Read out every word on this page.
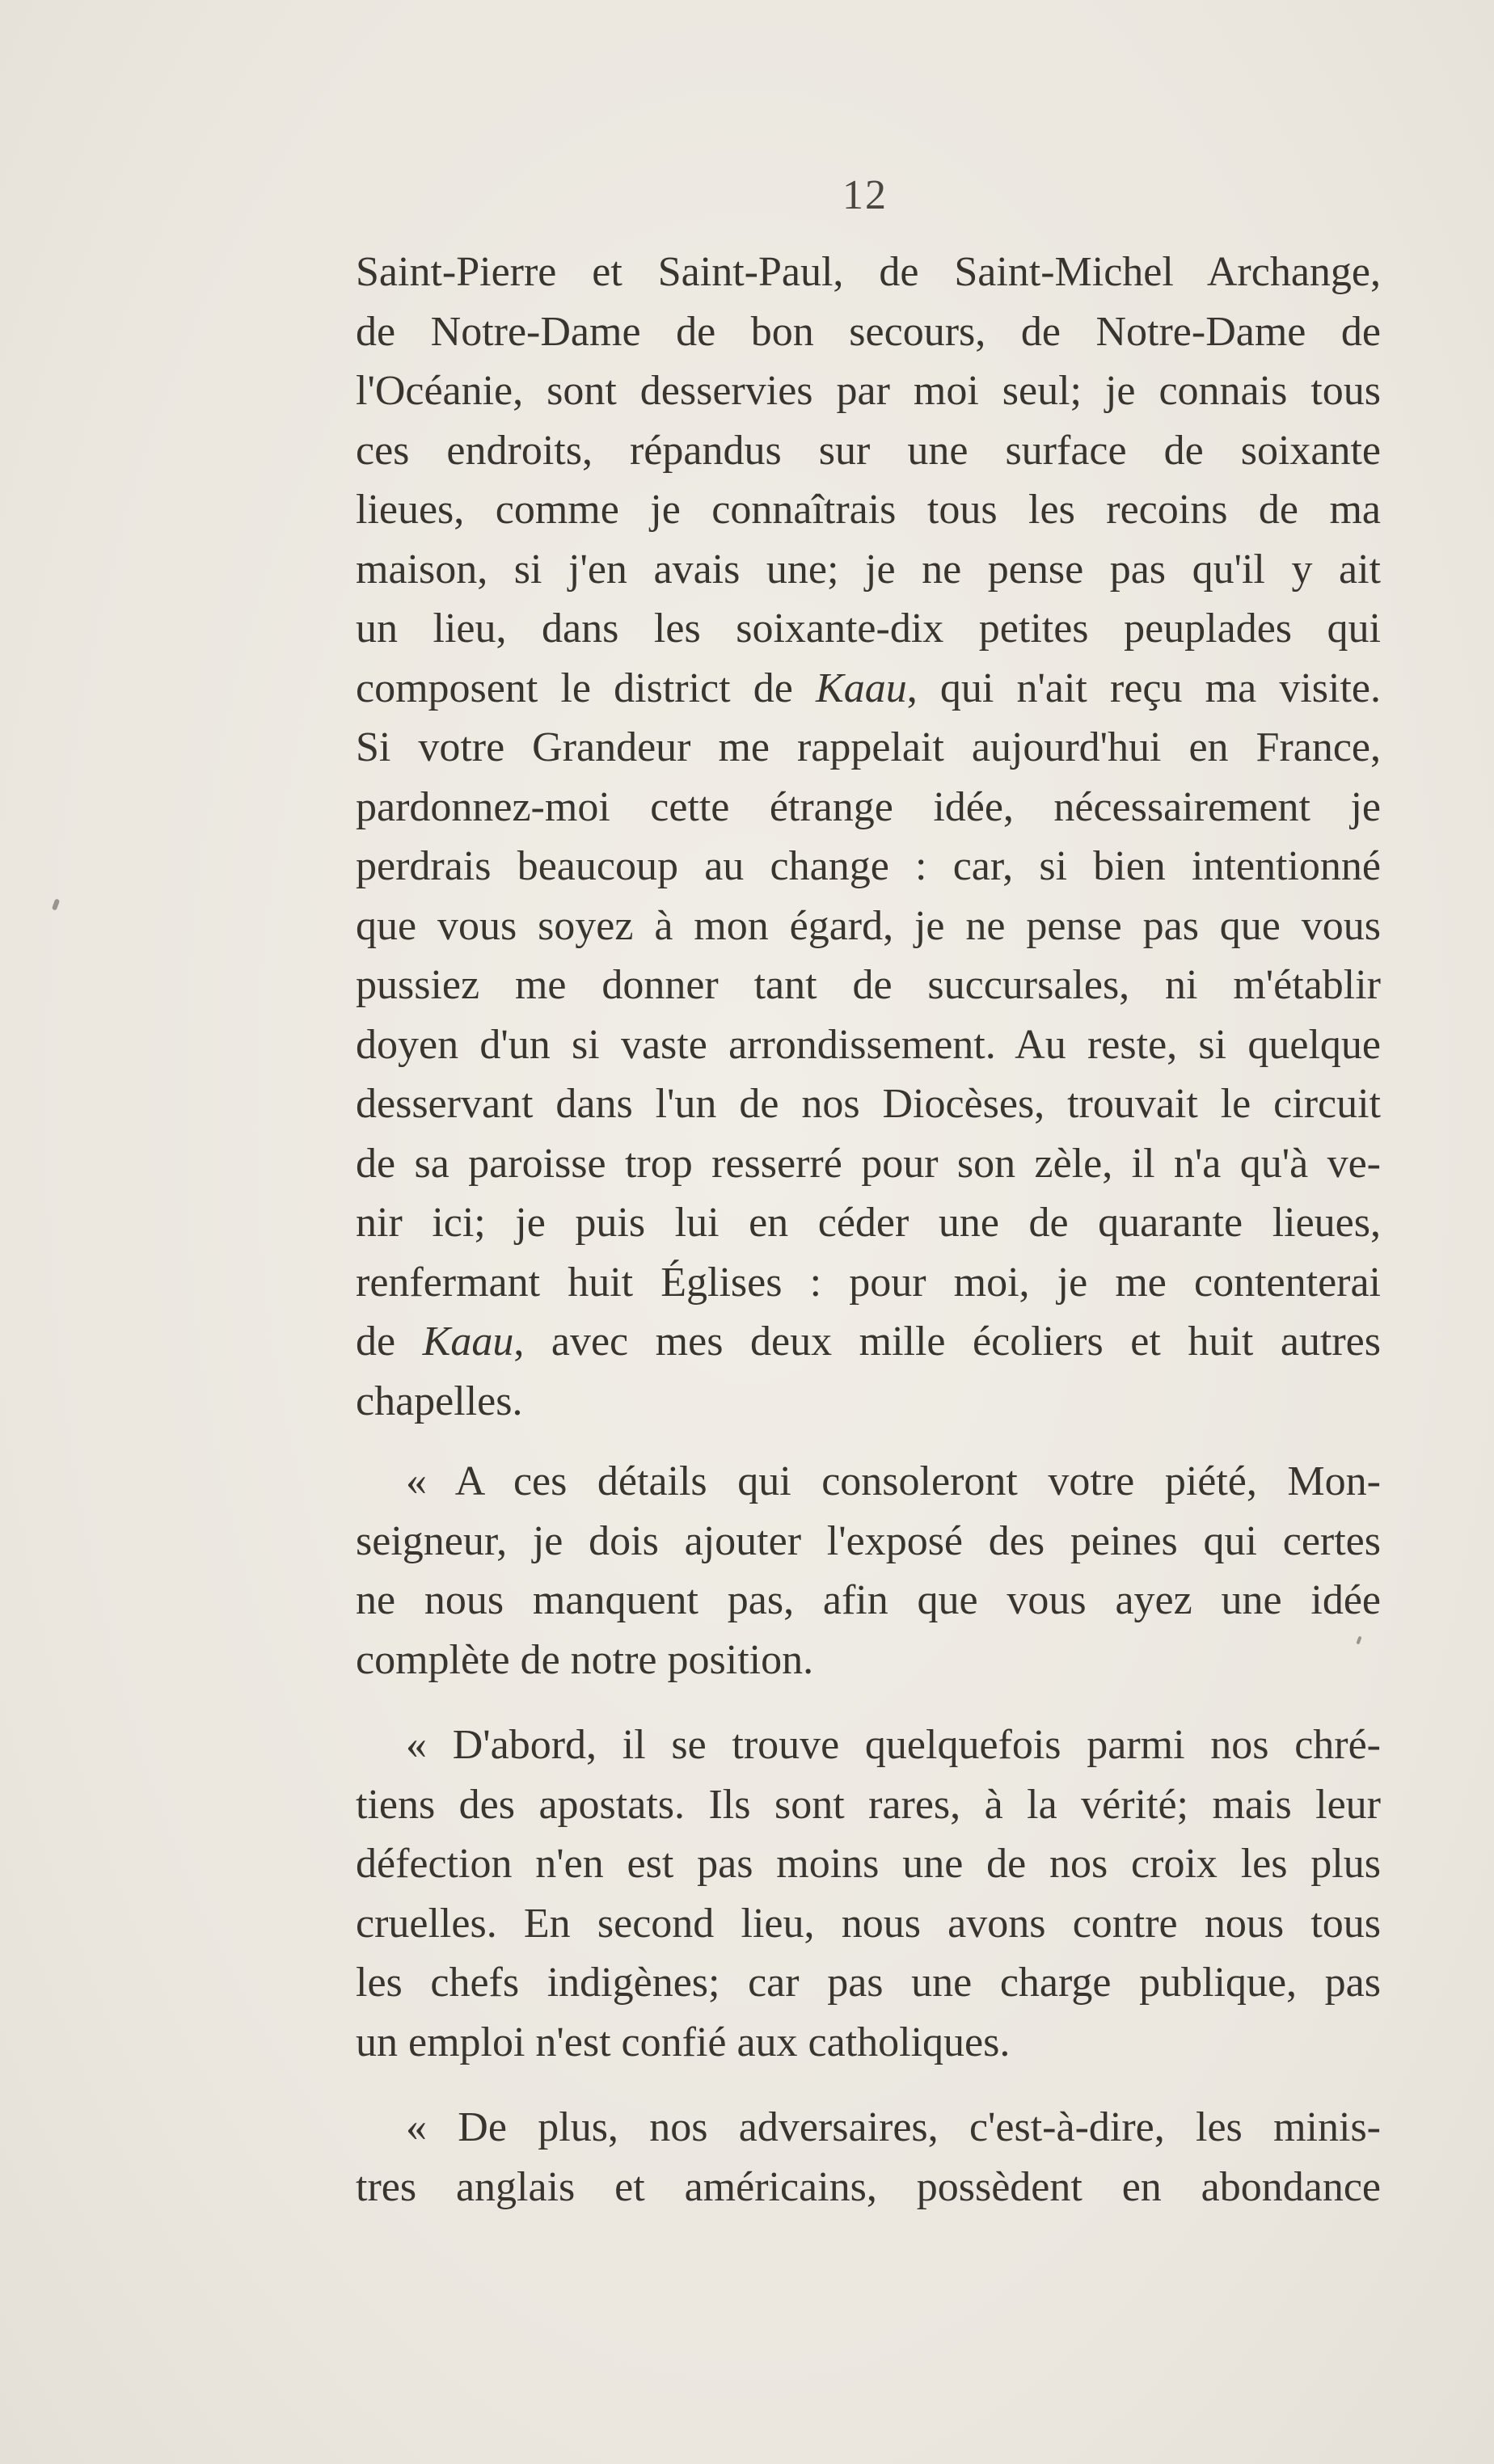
12
Saint-Pierre et Saint-Paul, de Saint-Michel Archange,
de Notre-Dame de bon secours, de Notre-Dame de
l'Océanie, sont desservies par moi seul; je connais tous
ces endroits, répandus sur une surface de soixante
lieues, comme je connaîtrais tous les recoins de ma
maison, si j'en avais une; je ne pense pas qu'il y ait
un lieu, dans les soixante-dix petites peuplades qui
composent le district de Kaau, qui n'ait reçu ma visite.
Si votre Grandeur me rappelait aujourd'hui en France,
pardonnez-moi cette étrange idée, nécessairement je
perdrais beaucoup au change : car, si bien intentionné
que vous soyez à mon égard, je ne pense pas que vous
pussiez me donner tant de succursales, ni m'établir
doyen d'un si vaste arrondissement. Au reste, si quelque
desservant dans l'un de nos Diocèses, trouvait le circuit
de sa paroisse trop resserré pour son zèle, il n'a qu'à ve-
nir ici; je puis lui en céder une de quarante lieues,
renfermant huit Églises : pour moi, je me contenterai
de Kaau, avec mes deux mille écoliers et huit autres
chapelles.
« A ces détails qui consoleront votre piété, Mon-
seigneur, je dois ajouter l'exposé des peines qui certes
ne nous manquent pas, afin que vous ayez une idée
complète de notre position.
« D'abord, il se trouve quelquefois parmi nos chré-
tiens des apostats. Ils sont rares, à la vérité; mais leur
défection n'en est pas moins une de nos croix les plus
cruelles. En second lieu, nous avons contre nous tous
les chefs indigènes; car pas une charge publique, pas
un emploi n'est confié aux catholiques.
« De plus, nos adversaires, c'est-à-dire, les minis-
tres anglais et américains, possèdent en abondance
